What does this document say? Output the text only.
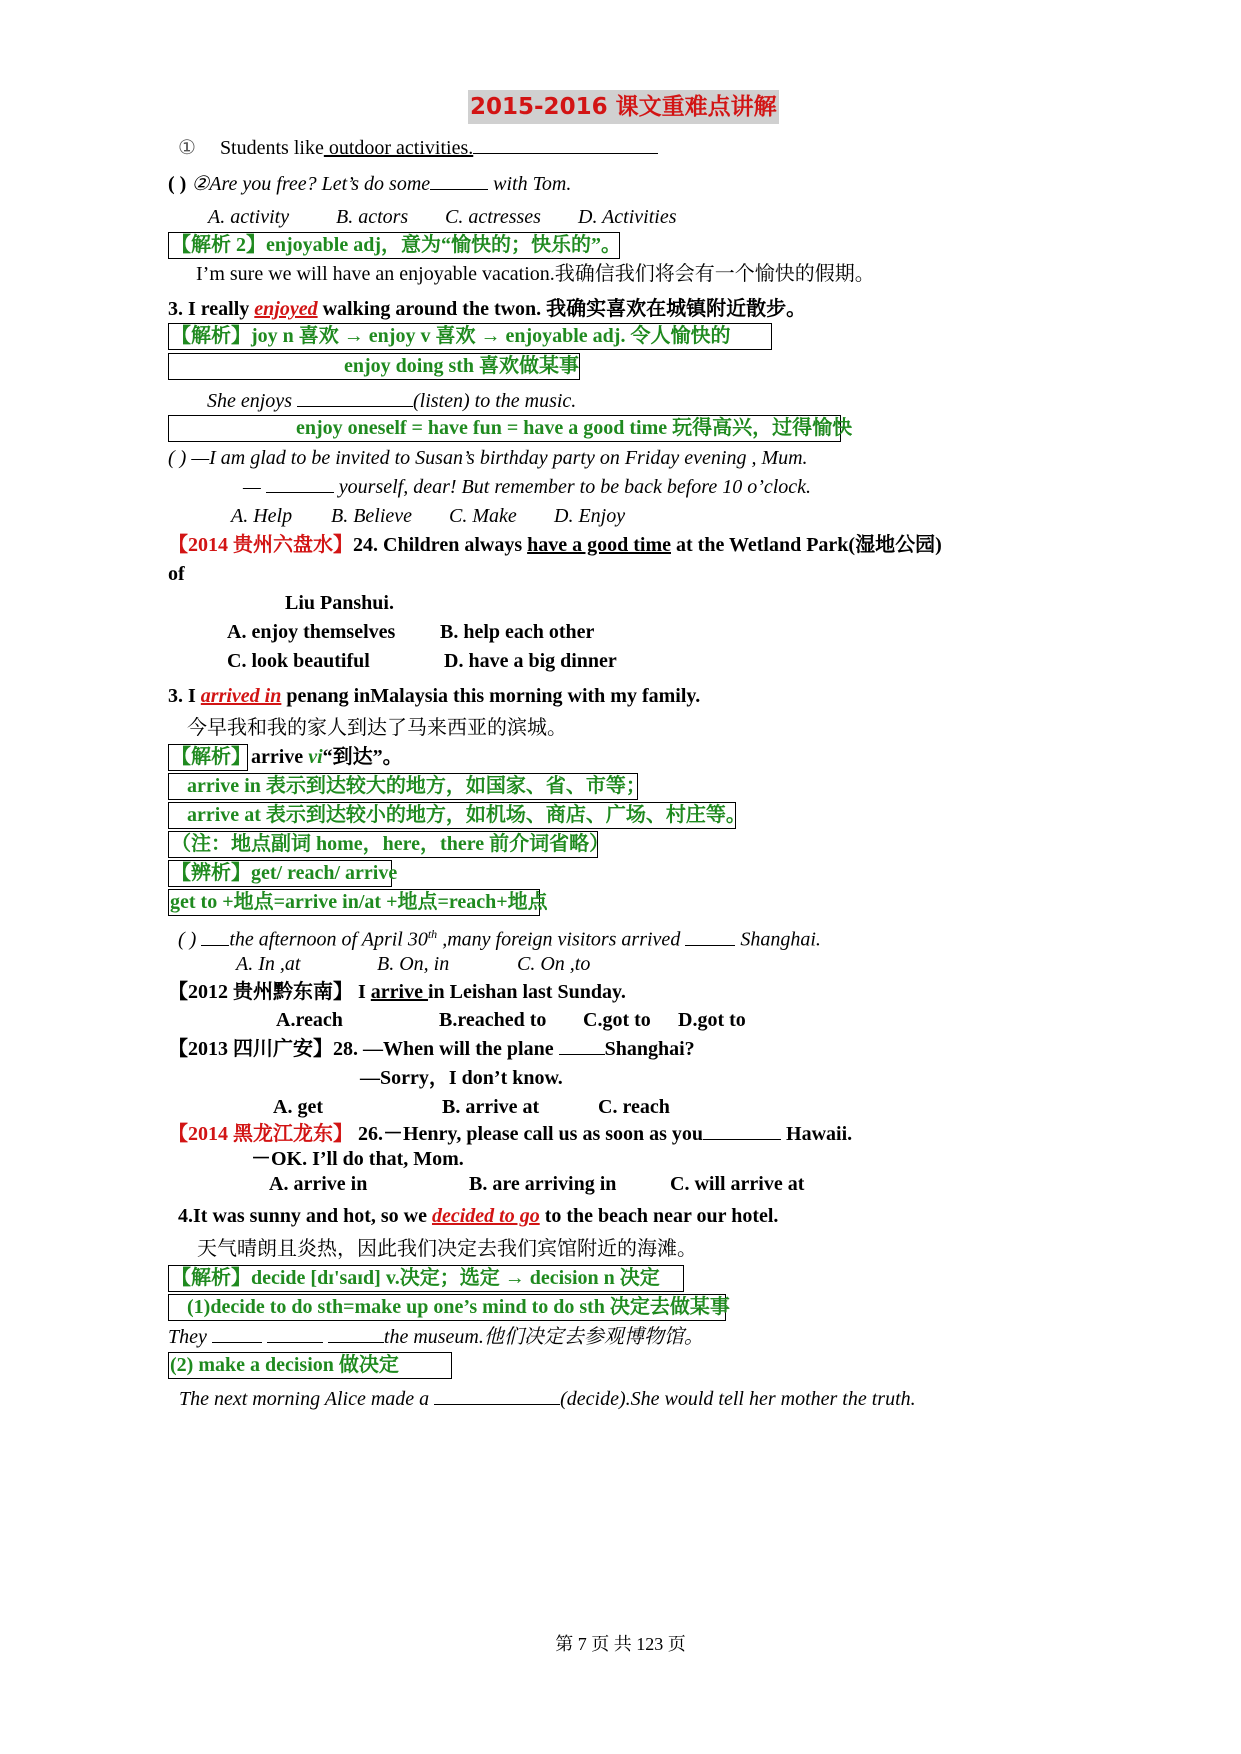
2015-2016 课文重难点讲解
① Students like outdoor activities.
( ) ②Are you free? Let’s do some	with Tom.
A. activity B. actors C. actresses D. Activities
【解析 2】enjoyable adj，意为“愉快的；快乐的”。
I’m sure we will have an enjoyable vacation.我确信我们将会有一个愉快的假期。
3. I really enjoyed walking around the twon. 我确实喜欢在城镇附近散步。
【解析】joy n 喜欢 → enjoy v 喜欢 → enjoyable adj. 令人愉快的
enjoy doing sth 喜欢做某事
She enjoys	(listen) to the music.
enjoy oneself = have fun = have a good time 玩得高兴，过得愉快
( ) —I am glad to be invited to Susan’s birthday party on Friday evening , Mum.
—	yourself, dear! But remember to be back before 10 o’clock.
A. Help B. Believe C. Make D. Enjoy
【2014 贵州六盘水】24. Children always have a good time at the Wetland Park(湿地公园)
of
Liu Panshui.
A. enjoy themselves B. help each other
C. look beautiful	D. have a big dinner
3. I arrived in penang inMalaysia this morning with my family.
今早我和我的家人到达了马来西亚的滨城。
【解析】arrive vi“到达”。
arrive in 表示到达较大的地方，如国家、省、市等；
arrive at 表示到达较小的地方，如机场、商店、广场、村庄等。
（注：地点副词 home，here，there 前介词省略）
【辨析】get/ reach/ arrive
get to +地点=arrive in/at +地点=reach+地点
( ) the afternoon of April 30th ,many foreign visitors arrived	Shanghai.
A. In ,at	B. On, in	C. On ,to
【2012 贵州黔东南】 I arrive in Leishan last Sunday.
A.reach	B.reached to C.got to D.got to
【2013 四川广安】28. —When will the plane Shanghai?
—Sorry，I don’t know.
A. get	B. arrive at	C. reach
【2014 黑龙江龙东】 26.－Henry, please call us as soon as you	Hawaii.
－OK. I’ll do that, Mom.
A. arrive in	B. are arriving in	C. will arrive at
4.It was sunny and hot, so we decided to go to the beach near our hotel.
天气晴朗且炎热，因此我们决定去我们宾馆附近的海滩。
【解析】decide [dɪ'saɪd] v.决定；选定 → decision n 决定
(1)decide to do sth=make up one’s mind to do sth 决定去做某事
They	the museum.他们决定去参观博物馆。
(2) make a decision 做决定
The next morning Alice made a	(decide).She would tell her mother the truth.
第 7 页 共 123 页
